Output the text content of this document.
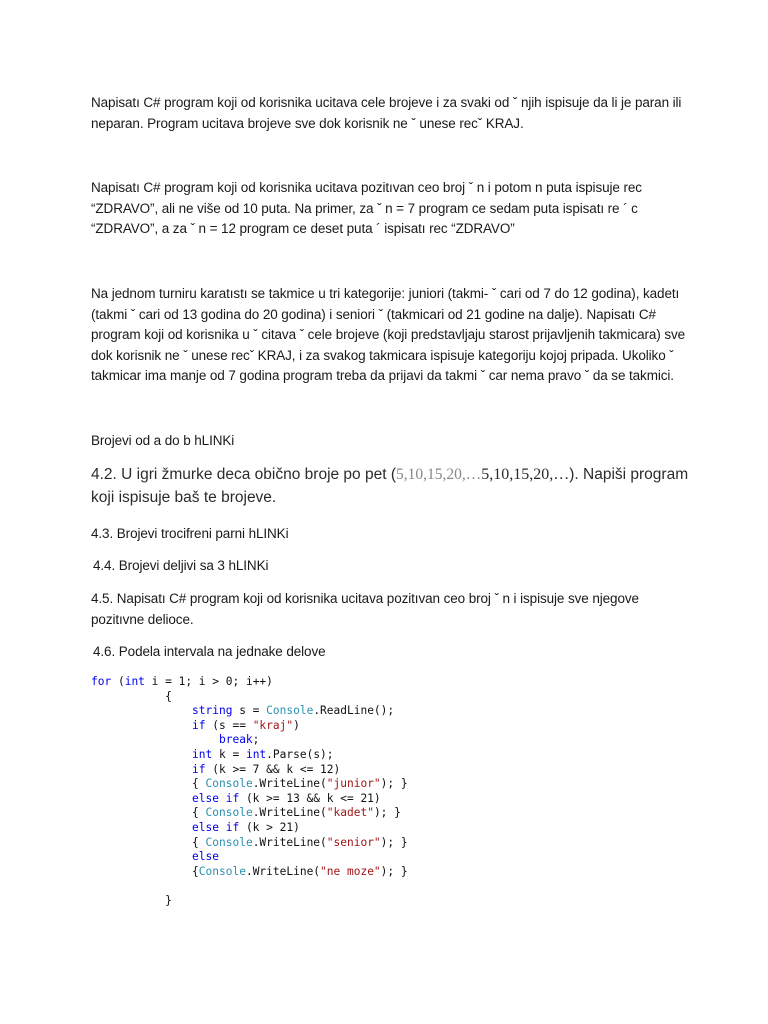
Napisatı C# program koji od korisnika ucitava cele brojeve i za svaki od ˇ njih ispisuje da li je paran ili neparan. Program ucitava brojeve sve dok korisnik ne ˇ unese recˇ KRAJ.
Napisatı C# program koji od korisnika ucitava pozitıvan ceo broj ˇ n i potom n puta ispisuje rec “ZDRAVO”, ali ne više od 10 puta. Na primer, za ˇ n = 7 program ce sedam puta ispisatı re ´ c “ZDRAVO”, a za ˇ n = 12 program ce deset puta ´ ispisatı rec “ZDRAVO”
Na jednom turniru karatıstı se takmice u tri kategorije: juniori (takmi- ˇ cari od 7 do 12 godina), kadetı (takmi ˇ cari od 13 godina do 20 godina) i seniori ˇ (takmicari od 21 godine na dalje). Napisatı C# program koji od korisnika u ˇ citava ˇ cele brojeve (koji predstavljaju starost prijavljenih takmicara) sve dok korisnik ne ˇ unese recˇ KRAJ, i za svakog takmicara ispisuje kategoriju kojoj pripada. Ukoliko ˇ takmicar ima manje od 7 godina program treba da prijavi da takmi ˇ car nema pravo ˇ da se takmici.
Brojevi od a do b hLINKi
4.2. U igri žmurke deca obično broje po pet (5,10,15,20,…5,10,15,20,…). Napiši program koji ispisuje baš te brojeve.
4.3. Brojevi trocifreni parni hLINKi
4.4. Brojevi deljivi sa 3 hLINKi
4.5. Napisatı C# program koji od korisnika ucitava pozitıvan ceo broj ˇ n i ispisuje sve njegove pozitıvne delioce.
4.6. Podela intervala na jednake delove
for (int i = 1; i > 0; i++)
{
string s = Console.ReadLine();
if (s == "kraj")
break;
int k = int.Parse(s);
if (k >= 7 && k <= 12)
{ Console.WriteLine("junior"); }
else if (k >= 13 && k <= 21)
{ Console.WriteLine("kadet"); }
else if (k > 21)
{ Console.WriteLine("senior"); }
else
{Console.WriteLine("ne moze"); }

}
